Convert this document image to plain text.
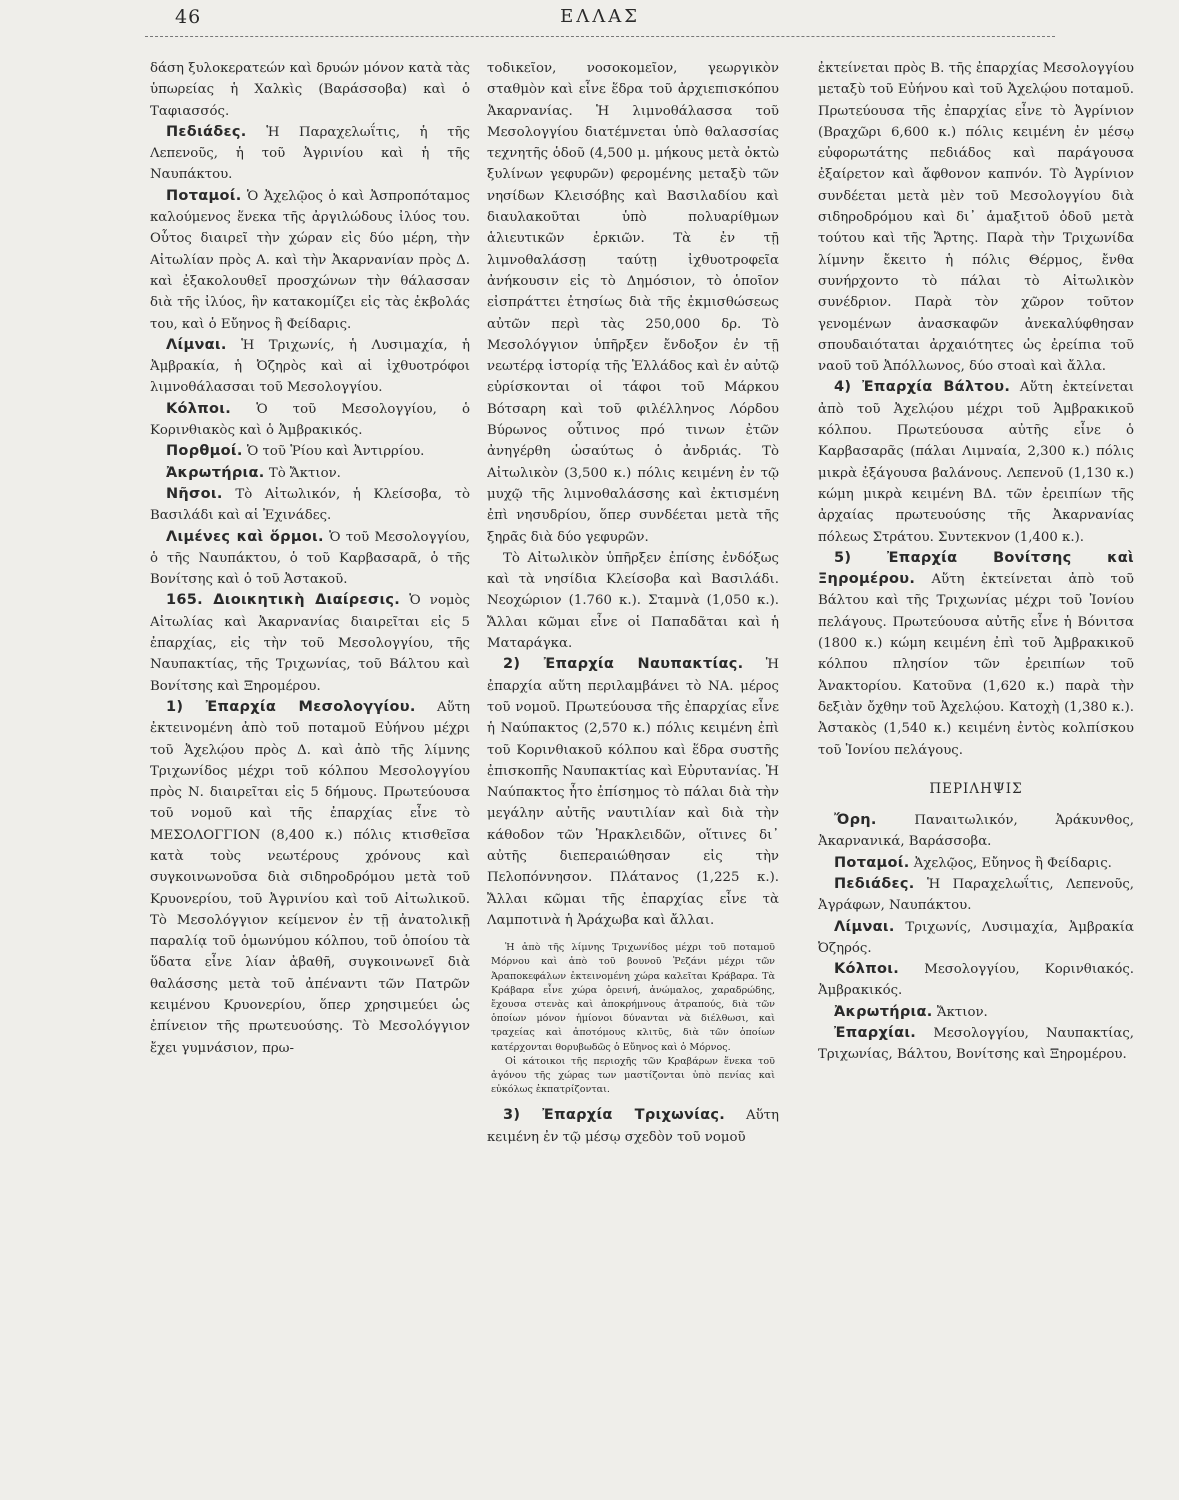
46	ΕΛΛΑΣ

δάση ξυλοκερατεών καὶ δρυών μόνον κατὰ τὰς ὑπωρείας ἡ Χαλκὶς (Βαράσσοβα) καὶ ὁ Ταφιασσός.

Πεδιάδες. Ἡ Παραχελωΐτις, ἡ τῆς Λεπενοῦς, ἡ τοῦ Ἀγρινίου καὶ ἡ τῆς Ναυπάκτου.

Ποταμοί. Ὁ Ἀχελῷος ὁ καὶ Ἀσπροπόταμος καλούμενος ἕνεκα τῆς ἀργιλώδους ἰλύος του. Οὗτος διαιρεῖ τὴν χώραν εἰς δύο μέρη, τὴν Αἰτωλίαν πρὸς Α. καὶ τὴν Ἀκαρνανίαν πρὸς Δ. καὶ ἐξακολουθεῖ προσχώνων τὴν θάλασσαν διὰ τῆς ἰλύος, ἣν κατακομίζει εἰς τὰς ἐκβολάς του, καὶ ὁ Εὔηνος ἢ Φείδαρις.

Λίμναι. Ἡ Τριχωνίς, ἡ Λυσιμαχία, ἡ Ἀμβρακία, ἡ Ὀζηρὸς καὶ αἱ ἰχθυοτρόφοι λιμνοθάλασσαι τοῦ Μεσολογγίου.

Κόλποι. Ὁ τοῦ Μεσολογγίου, ὁ Κορινθιακὸς καὶ ὁ Ἀμβρακικός.

Πορθμοί. Ὁ τοῦ Ῥίου καὶ Ἀντιρρίου.

Ἀκρωτήρια. Τὸ Ἄκτιον.

Νῆσοι. Τὸ Αἰτωλικόν, ἡ Κλείσοβα, τὸ Βασιλάδι καὶ αἱ Ἐχινάδες.

Λιμένες καὶ ὅρμοι. Ὁ τοῦ Μεσολογγίου, ὁ τῆς Ναυπάκτου, ὁ τοῦ Καρβασαρᾶ, ὁ τῆς Βονίτσης καὶ ὁ τοῦ Ἀστακοῦ.

165. Διοικητικὴ Διαίρεσις. Ὁ νομὸς Αἰτωλίας καὶ Ἀκαρνανίας διαιρεῖται εἰς 5 ἐπαρχίας, εἰς τὴν τοῦ Μεσολογγίου, τῆς Ναυπακτίας, τῆς Τριχωνίας, τοῦ Βάλτου καὶ Βονίτσης καὶ Ξηρομέρου.

1) Ἐπαρχία Μεσολογγίου. Αὕτη ἐκτεινομένη ἀπὸ τοῦ ποταμοῦ Εὐήνου μέχρι τοῦ Ἀχελῴου πρὸς Δ. καὶ ἀπὸ τῆς λίμνης Τριχωνίδος μέχρι τοῦ κόλπου Μεσολογγίου πρὸς Ν. διαιρεῖται εἰς 5 δήμους. Πρωτεύουσα τοῦ νομοῦ καὶ τῆς ἐπαρχίας εἶνε τὸ ΜΕΣΟΛΟΓΓΙΟΝ (8,400 κ.) πόλις κτισθεῖσα κατὰ τοὺς νεωτέρους χρόνους καὶ συγκοινωνοῦσα διὰ σιδηροδρόμου μετὰ τοῦ Κρυονερίου, τοῦ Ἀγρινίου καὶ τοῦ Αἰτωλικοῦ. Τὸ Μεσολόγγιον κείμενον ἐν τῇ ἀνατολικῇ παραλίᾳ τοῦ ὁμωνύμου κόλπου, τοῦ ὁποίου τὰ ὕδατα εἶνε λίαν ἀβαθῆ, συγκοινωνεῖ διὰ θαλάσσης μετὰ τοῦ ἀπέναντι τῶν Πατρῶν κειμένου Κρυονερίου, ὅπερ χρησιμεύει ὡς ἐπίνειον τῆς πρωτευούσης. Τὸ Μεσολόγγιον ἔχει γυμνάσιον, πρω-

τοδικεῖον, νοσοκομεῖον, γεωργικὸν σταθμὸν καὶ εἶνε ἕδρα τοῦ ἀρχιεπισκόπου Ἀκαρνανίας. Ἡ λιμνοθάλασσα τοῦ Μεσολογγίου διατέμνεται ὑπὸ θαλασσίας τεχνητῆς ὁδοῦ (4,500 μ. μήκους μετὰ ὀκτὼ ξυλίνων γεφυρῶν) φερομένης μεταξὺ τῶν νησίδων Κλεισόβης καὶ Βασιλαδίου καὶ διαυλακοῦται ὑπὸ πολυαρίθμων ἁλιευτικῶν ἑρκιῶν. Τὰ ἐν τῇ λιμνοθαλάσσῃ ταύτῃ ἰχθυοτροφεῖα ἀνήκουσιν εἰς τὸ Δημόσιον, τὸ ὁποῖον εἰσπράττει ἐτησίως διὰ τῆς ἐκμισθώσεως αὐτῶν περὶ τὰς 250,000 δρ. Τὸ Μεσολόγγιον ὑπῆρξεν ἔνδοξον ἐν τῇ νεωτέρᾳ ἱστορίᾳ τῆς Ἑλλάδος καὶ ἐν αὐτῷ εὑρίσκονται οἱ τάφοι τοῦ Μάρκου Βότσαρη καὶ τοῦ φιλέλληνος Λόρδου Βύρωνος οὗτινος πρό τινων ἐτῶν ἀνηγέρθη ὡσαύτως ὁ ἀνδριάς. Τὸ Αἰτωλικὸν (3,500 κ.) πόλις κειμένη ἐν τῷ μυχῷ τῆς λιμνοθαλάσσης καὶ ἐκτισμένη ἐπὶ νησυδρίου, ὅπερ συνδέεται μετὰ τῆς ξηρᾶς διὰ δύο γεφυρῶν.

Τὸ Αἰτωλικὸν ὑπῆρξεν ἐπίσης ἐνδόξως καὶ τὰ νησίδια Κλείσοβα καὶ Βασιλάδι. Νεοχώριον (1.760 κ.). Σταμνὰ (1,050 κ.). Ἄλλαι κῶμαι εἶνε οἱ Παπαδᾶται καὶ ἡ Ματαράγκα.

2) Ἐπαρχία Ναυπακτίας. Ἡ ἐπαρχία αὕτη περιλαμβάνει τὸ ΝΑ. μέρος τοῦ νομοῦ. Πρωτεύουσα τῆς ἐπαρχίας εἶνε ἡ Ναύπακτος (2,570 κ.) πόλις κειμένη ἐπὶ τοῦ Κορινθιακοῦ κόλπου καὶ ἕδρα συστῆς ἐπισκοπῆς Ναυπακτίας καὶ Εὐρυτανίας. Ἡ Ναύπακτος ἦτο ἐπίσημος τὸ πάλαι διὰ τὴν μεγάλην αὐτῆς ναυτιλίαν καὶ διὰ τὴν κάθοδον τῶν Ἡρακλειδῶν, οἵτινες δι᾽ αὐτῆς διεπεραιώθησαν εἰς τὴν Πελοπόννησον. Πλάτανος (1,225 κ.). Ἄλλαι κῶμαι τῆς ἐπαρχίας εἶνε τὰ Λαμποτινὰ ἡ Ἀράχωβα καὶ ἄλλαι.

Ἡ ἀπὸ τῆς λίμνης Τριχωνίδος μέχρι τοῦ ποταμοῦ Μόρνου καὶ ἀπὸ τοῦ βουνοῦ Ῥεζάνι μέχρι τῶν Ἀραποκεφάλων ἐκτεινομένη χώρα καλεῖται Κράβαρα. Τὰ Κράβαρα εἶνε χώρα ὀρεινή, ἀνώμαλος, χαραδρώδης, ἔχουσα στενὰς καὶ ἀποκρήμνους ἀτραπούς, διὰ τῶν ὁποίων μόνον ἡμίονοι δύνανται νὰ διέλθωσι, καὶ τραχείας καὶ ἀποτόμους κλιτῦς, διὰ τῶν ὁποίων κατέρχονται θορυβωδῶς ὁ Εὔηνος καὶ ὁ Μόρνος.

Οἱ κάτοικοι τῆς περιοχῆς τῶν Κραβάρων ἕνεκα τοῦ ἀγόνου τῆς χώρας των μαστίζονται ὑπὸ πενίας καὶ εὐκόλως ἐκπατρίζονται.

3) Ἐπαρχία Τριχωνίας. Αὕτη κειμένη ἐν τῷ μέσῳ σχεδὸν τοῦ νομοῦ

ἐκτείνεται πρὸς Β. τῆς ἐπαρχίας Μεσολογγίου μεταξὺ τοῦ Εὐήνου καὶ τοῦ Ἀχελῴου ποταμοῦ. Πρωτεύουσα τῆς ἐπαρχίας εἶνε τὸ Ἀγρίνιον (Βραχῶρι 6,600 κ.) πόλις κειμένη ἐν μέσῳ εὐφορωτάτης πεδιάδος καὶ παράγουσα ἐξαίρετον καὶ ἄφθονον καπνόν. Τὸ Ἀγρίνιον συνδέεται μετὰ μὲν τοῦ Μεσολογγίου διὰ σιδηροδρόμου καὶ δι᾽ ἁμαξιτοῦ ὁδοῦ μετὰ τούτου καὶ τῆς Ἄρτης. Παρὰ τὴν Τριχωνίδα λίμνην ἔκειτο ἡ πόλις Θέρμος, ἔνθα συνήρχοντο τὸ πάλαι τὸ Αἰτωλικὸν συνέδριον. Παρὰ τὸν χῶρον τοῦτον γενομένων ἀνασκαφῶν ἀνεκαλύφθησαν σπουδαιόταται ἀρχαιότητες ὡς ἐρείπια τοῦ ναοῦ τοῦ Ἀπόλλωνος, δύο στοαὶ καὶ ἄλλα.

4) Ἐπαρχία Βάλτου. Αὕτη ἐκτείνεται ἀπὸ τοῦ Ἀχελῴου μέχρι τοῦ Ἀμβρακικοῦ κόλπου. Πρωτεύουσα αὐτῆς εἶνε ὁ Καρβασαρᾶς (πάλαι Λιμναία, 2,300 κ.) πόλις μικρὰ ἐξάγουσα βαλάνους. Λεπενοῦ (1,130 κ.) κώμη μικρὰ κειμένη ΒΔ. τῶν ἐρειπίων τῆς ἀρχαίας πρωτευούσης τῆς Ἀκαρνανίας πόλεως Στράτου. Συντεκνον (1,400 κ.).

5) Ἐπαρχία Βονίτσης καὶ Ξηρομέρου. Αὕτη ἐκτείνεται ἀπὸ τοῦ Βάλτου καὶ τῆς Τριχωνίας μέχρι τοῦ Ἰονίου πελάγους. Πρωτεύουσα αὐτῆς εἶνε ἡ Βόνιτσα (1800 κ.) κώμη κειμένη ἐπὶ τοῦ Ἀμβρακικοῦ κόλπου πλησίον τῶν ἐρειπίων τοῦ Ἀνακτορίου. Κατοῦνα (1,620 κ.) παρὰ τὴν δεξιὰν ὄχθην τοῦ Ἀχελῴου. Κατοχὴ (1,380 κ.). Ἀστακὸς (1,540 κ.) κειμένη ἐντὸς κολπίσκου τοῦ Ἰονίου πελάγους.

ΠΕΡΙΛΗΨΙΣ

Ὄρη.	Παναιτωλικόν, Ἀράκυνθος, Ἀκαρνανικά, Βαράσσοβα.

Ποταμοί. Ἀχελῷος, Εὔηνος ἢ Φείδαρις.

Πεδιάδες. Ἡ Παραχελωΐτις, Λεπενοῦς, Ἀγράφων, Ναυπάκτου.

Λίμναι. Τριχωνίς, Λυσιμαχία, Ἀμβρακία Ὀζηρός.

Κόλποι. Μεσολογγίου, Κορινθιακός. Ἀμβρακικός.

Ἀκρωτήρια. Ἄκτιον.

Ἐπαρχίαι. Μεσολογγίου, Ναυπακτίας, Τριχωνίας, Βάλτου, Βονίτσης καὶ Ξηρομέρου.
